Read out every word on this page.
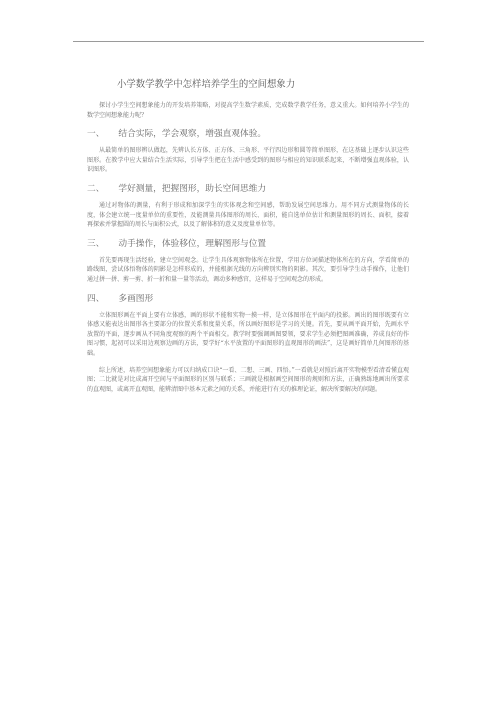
小学数学教学中怎样培养学生的空间想象力

探讨小学生空间想象能力的开发培养策略，对提高学生数学素质，完成数学教学任务，意义重大。如何培养小学生的数学空间想象能力呢？

一、 结合实际，学会观察，增强直观体验。

从最简单的图形辨认做起，先辨认长方体、正方体、三角形、平行四边形和圆等简单图形，在这基础上逐步认识这些图形。在教学中应大量结合生活实际，引导学生把在生活中感受到的图形与相应的知识联系起来，不断增强直观体验，认识图形。

二、 学好测量，把握图形，助长空间思维力

通过对物体的测量，有利于形成和加深学生的实体观念和空间感，帮助发展空间思维力。用不同方式测量物体的长度，体会建立统一度量单位的重要性，及能测量具体图形的周长、面积，能自选单位估计和测量图形的周长、面积，接着再探索并掌握圆的周长与面积公式，以及了解体积的意义及度量单位等。

三、 动手操作，体验移位，理解图形与位置

首先要再现生活经验，建立空间观念。让学生具体观察物体所在位置，学用方位词描述物体所在的方向，学看简单的路线图，尝试体悟物体的阴影是怎样形成的，并能根据光线的方向辨别实物的阴影。其次，要引导学生动手操作，让他们通过拼一拼、剪一剪、折一折和量一量等活动，调动多种感官，这样易于空间观念的形成。

四、 多画图形

立体图形画在平面上要有立体感，画的形状不能和实物一摸一样，是立体图形在平面内的投影。画出的图形既要有立体感又能表达出图形各主要部分的位置关系和度量关系，所以画好图形是学习的关键。首先，要从画平面开始，先画水平放置的平面，逐步画从不同角度观察的两个平面相交。教学时要强调画图要领，要求学生必须把图画准确，养成良好的作图习惯，起初可以采用边观察边画的方法，要学好“水平放置的平面图形的直观图形的画法”，这是画好简单几何图形的基础。

综上所述，培养空间想象能力可以归纳成口诀“一看、二想、三画、四悟。”一看就是对照后离开实物模型看清看懂直观图；二比就是对比成离开空间与平面图形的区别与联系；三画就是根据画空间图形的规则和方法，正确熟练地画出所要求的直观图，或离开直观图，能辨清图中基本元素之间的关系，并能进行有关的推理论证，解决所要解决的问题。
